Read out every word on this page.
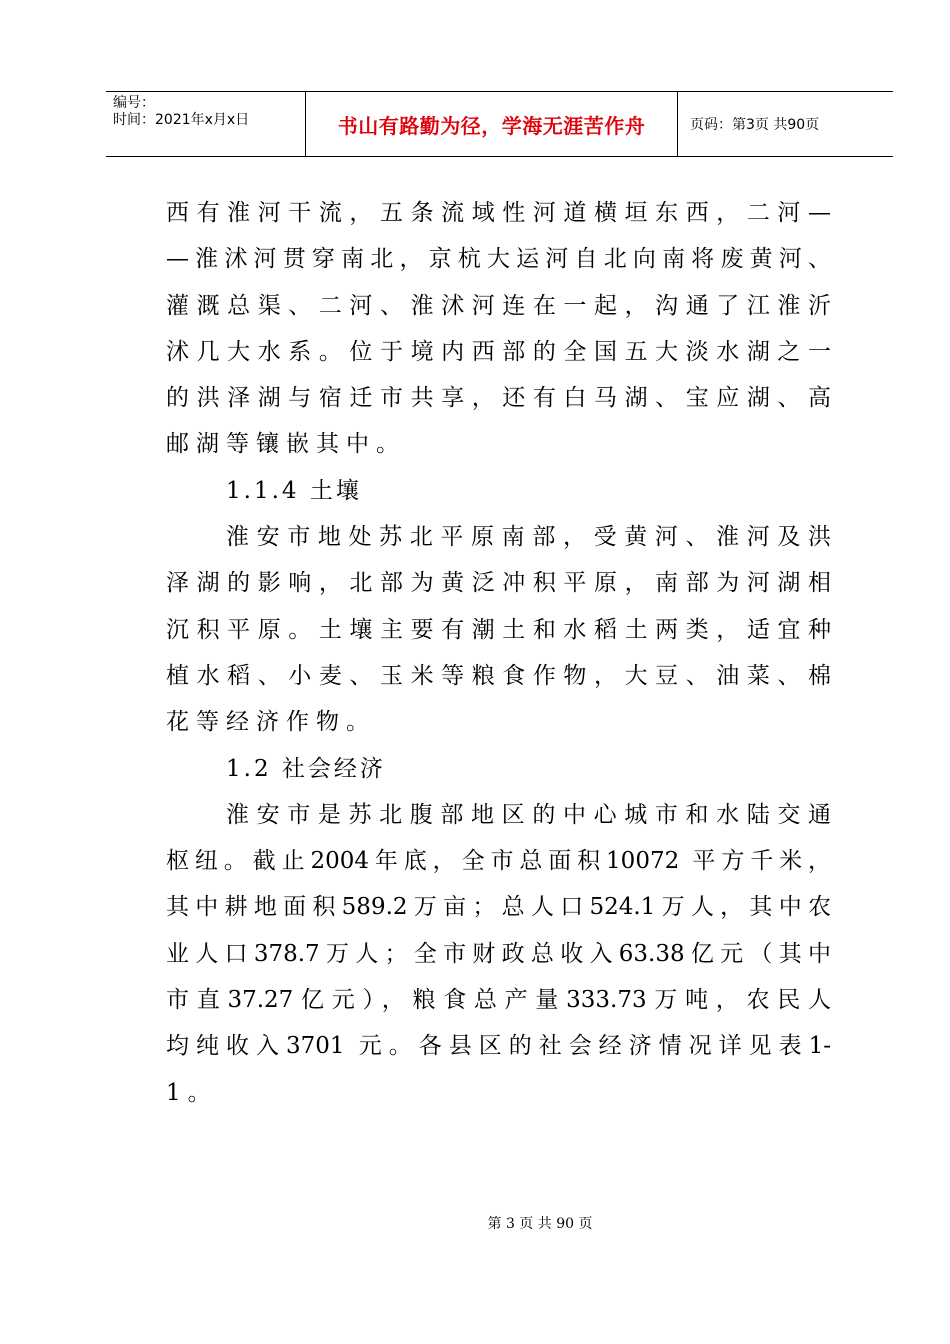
编号：
时间：2021年x月x日	书山有路勤为径，学海无涯苦作舟	页码：第3页 共90页
西有淮河干流，五条流域性河道横垣东西，二河—
—淮沭河贯穿南北，京杭大运河自北向南将废黄河、
灌溉总渠、二河、淮沭河连在一起，沟通了江淮沂
沭几大水系。位于境内西部的全国五大淡水湖之一
的洪泽湖与宿迁市共享，还有白马湖、宝应湖、高
邮湖等镶嵌其中。
1.1.4 土壤
淮安市地处苏北平原南部，受黄河、淮河及洪
泽湖的影响，北部为黄泛冲积平原，南部为河湖相
沉积平原。土壤主要有潮土和水稻土两类，适宜种
植水稻、小麦、玉米等粮食作物，大豆、油菜、棉
花等经济作物。
1.2 社会经济
淮安市是苏北腹部地区的中心城市和水陆交通
枢纽。截止2004年底，全市总面积10072 平方千米，
其中耕地面积589.2万亩；总人口524.1万人，其中农
业人口378.7万人；全市财政总收入63.38亿元（其中
市直37.27亿元），粮食总产量333.73万吨，农民人
均纯收入3701 元。各县区的社会经济情况详见表1-
1。
第 3 页 共 90 页
